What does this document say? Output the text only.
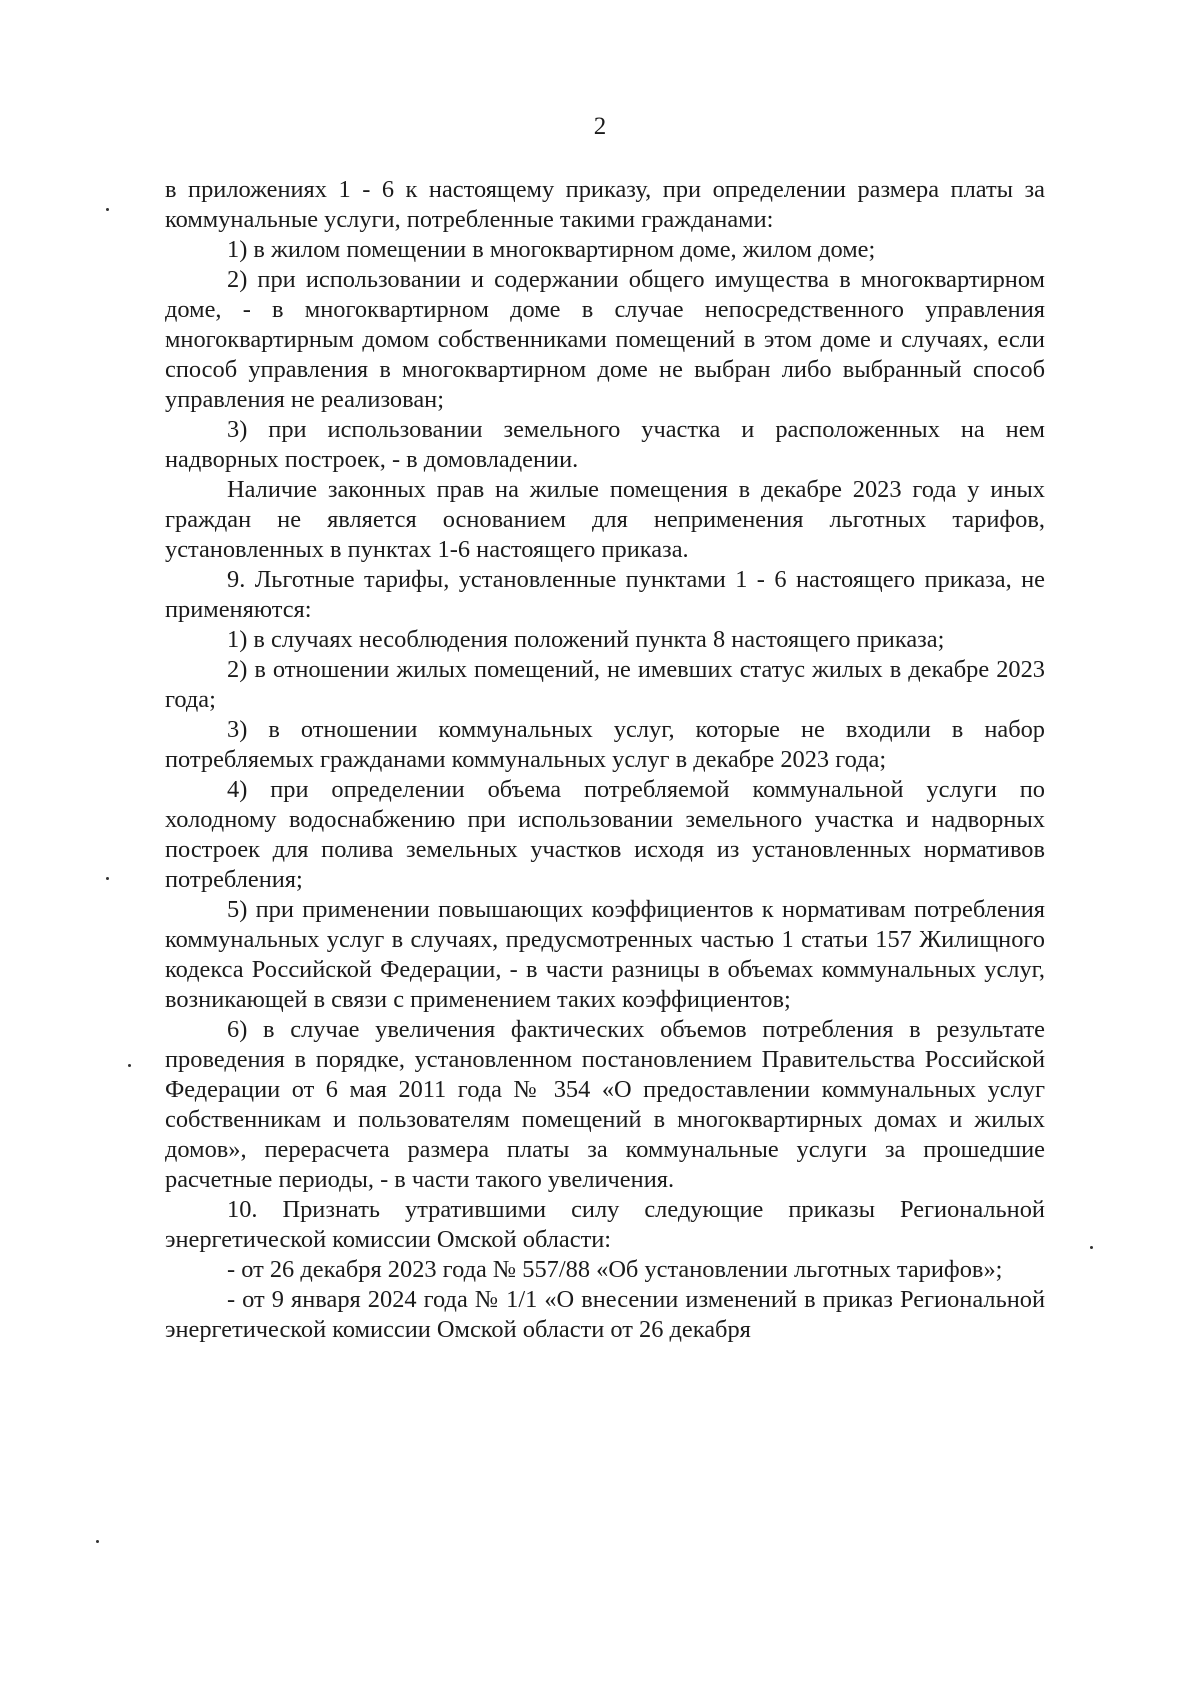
2

в приложениях 1 - 6 к настоящему приказу, при определении размера платы за коммунальные услуги, потребленные такими гражданами:

1) в жилом помещении в многоквартирном доме, жилом доме;

2) при использовании и содержании общего имущества в многоквартирном доме, - в многоквартирном доме в случае непосредственного управления многоквартирным домом собственниками помещений в этом доме и случаях, если способ управления в многоквартирном доме не выбран либо выбранный способ управления не реализован;

3) при использовании земельного участка и расположенных на нем надворных построек, - в домовладении.

Наличие законных прав на жилые помещения в декабре 2023 года у иных граждан не является основанием для неприменения льготных тарифов, установленных в пунктах 1-6 настоящего приказа.

9. Льготные тарифы, установленные пунктами 1 - 6 настоящего приказа, не применяются:

1) в случаях несоблюдения положений пункта 8 настоящего приказа;

2) в отношении жилых помещений, не имевших статус жилых в декабре 2023 года;

3) в отношении коммунальных услуг, которые не входили в набор потребляемых гражданами коммунальных услуг в декабре 2023 года;

4) при определении объема потребляемой коммунальной услуги по холодному водоснабжению при использовании земельного участка и надворных построек для полива земельных участков исходя из установленных нормативов потребления;

5) при применении повышающих коэффициентов к нормативам потребления коммунальных услуг в случаях, предусмотренных частью 1 статьи 157 Жилищного кодекса Российской Федерации, - в части разницы в объемах коммунальных услуг, возникающей в связи с применением таких коэффициентов;

6) в случае увеличения фактических объемов потребления в результате проведения в порядке, установленном постановлением Правительства Российской Федерации от 6 мая 2011 года № 354 «О предоставлении коммунальных услуг собственникам и пользователям помещений в многоквартирных домах и жилых домов», перерасчета размера платы за коммунальные услуги за прошедшие расчетные периоды, - в части такого увеличения.

10. Признать утратившими силу следующие приказы Региональной энергетической комиссии Омской области:

- от 26 декабря 2023 года № 557/88 «Об установлении льготных тарифов»;

- от 9 января 2024 года № 1/1 «О внесении изменений в приказ Региональной энергетической комиссии Омской области от 26 декабря
